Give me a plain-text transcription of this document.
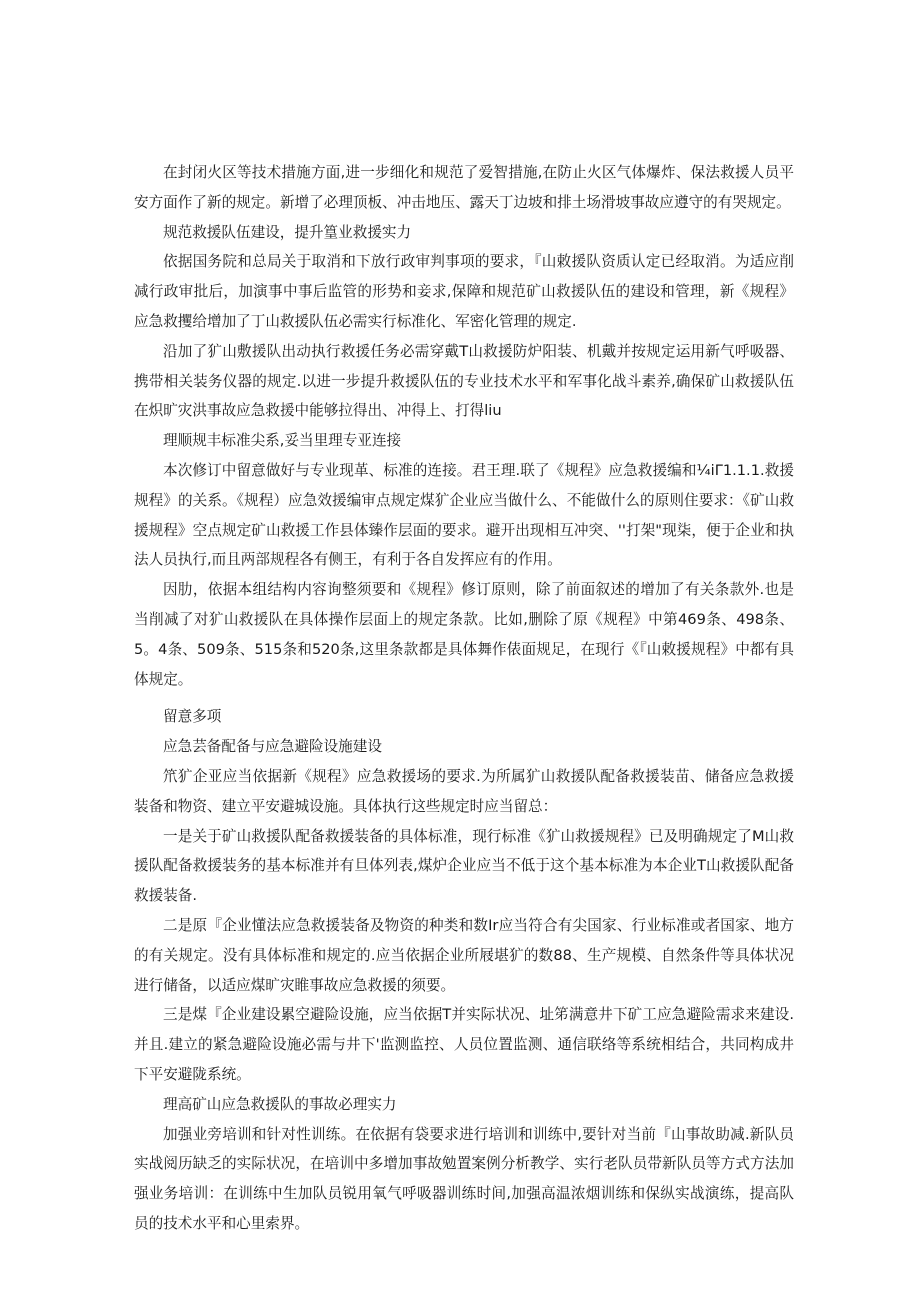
在封闭火区等技术措施方面,进一步细化和规范了爱智措施,在防止火区气体爆炸、保法救援人员平安方面作了新的规定。新增了必理顶板、冲击地压、露天丁边坡和排土场滑坡事故应遵守的有哭规定。

规范救援队伍建设，提升篁业救援实力

依据国务院和总局关于取消和下放行政审判事项的要求，『山敕援队资质认定已经取消。为适应削减行政审批后，加演事中事后监管的形势和妾求,保障和规范矿山救援队伍的建设和管理，新《规程》应急救攫给增加了丁山救援队伍必需实行标准化、军密化管理的规定.

沿加了犷山敷援队出动执行救援任务必需穿戴T山救援防炉阳装、机戴并按规定运用新气呼吸器、携带相关装务仪器的规定.以进一步提升救援队伍的专业技术水平和军事化战斗素养,确保矿山救援队伍在炽旷灾洪事故应急救援中能够拉得出、冲得上、打得liu

理顺规丰标准尖系,妥当里理专亚连接

本次修订中留意做好与专业现革、标准的连接。君王理.联了《规程》应急救援编和¼iΓ1.1.1.救援规程》的关系。《规程）应急效援编审点规定煤犷企业应当做什么、不能做什么的原则住要求：《矿山救援规程》空点规定矿山救援工作县体臻作层面的要求。避开出现相互冲突、''打架"现柒，便于企业和执法人员执行,而且两部规程各有侧王，有利于各自发挥应有的作用。

因肋，依据本组结构内容询整须要和《规程》修订原则，除了前面叙述的增加了有关条款外.也是当削减了对犷山救援队在具体操作层面上的规定条款。比如,删除了原《规程》中第469条、498条、5。4条、509条、515条和520条,这里条款都是具体舞作俵面规足，在现行《『山敕援规程》中都有具体规定。

留意多项

应急芸备配备与应急避险设施建设

笊犷企亚应当依据新《规程》应急救援场的要求.为所属犷山救援队配备救援装苗、储备应急救援装备和物资、建立平安避城设施。具体执行这些规定时应当留总：

一是关于矿山救援队配备救援装备的具体标准，现行标准《犷山救援规程》已及明确规定了M山救援队配备救援装务的基本标准并有旦体列表,煤炉企业应当不低于这个基本标准为本企业T山救援队配备救援装备.

二是原『企业懂法应急救援装备及物资的种类和数Ir应当符合有尖国家、行业标准或者国家、地方的有关规定。没有具体标准和规定的.应当依据企业所屐堪犷的数88、生产规模、自然条件等具体状况进行储备，以适应煤旷灾睢事故应急救援的须要。

三是煤『企业建设累空避险设施，应当依据T并实际状况、址笫满意井下矿工应急避险需求来建设.并且.建立的紧急避险设施必需与井下'监测监控、人员位置监测、通信联络等系统相结合，共同构成井下平安避陇系统。

理高矿山应急救援队的事故必理实力

加强业旁培训和针对性训练。在依据有袋要求进行培训和训练中,要针对当前『山事故助减.新队员实战阅历缺乏的实际状况，在培训中多增加事故勉置案例分析教学、实行老队员带新队员等方式方法加强业务培训：在训练中生加队员锐用氧气呼吸器训练时间,加强高温浓烟训练和保纵实战演练，提高队员的技术水平和心里索界。
